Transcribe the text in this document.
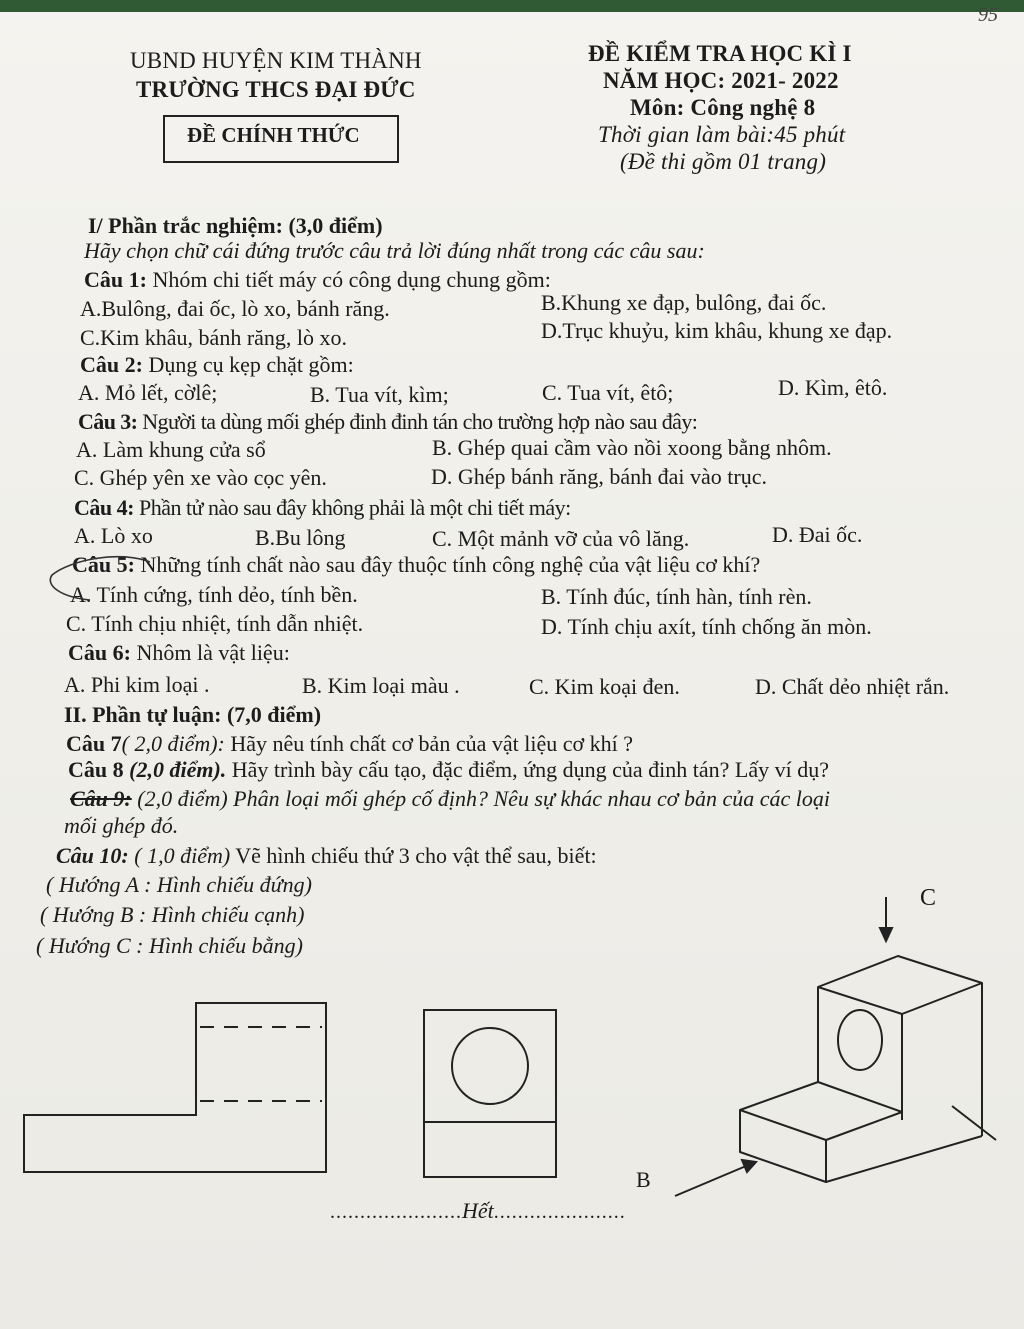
95
UBND HUYỆN KIM THÀNH
TRƯỜNG THCS ĐẠI ĐỨC
ĐỀ CHÍNH THỨC
ĐỀ KIỂM TRA HỌC KÌ I
NĂM HỌC: 2021- 2022
Môn: Công nghệ 8
Thời gian làm bài:45 phút
(Đề thi gồm 01 trang)
I/ Phần trắc nghiệm: (3,0 điểm)
Hãy chọn chữ cái đứng trước câu trả lời đúng nhất trong các câu sau:
Câu 1: Nhóm chi tiết máy có công dụng chung gồm:
A.Bulông, đai ốc, lò xo, bánh răng.	B.Khung xe đạp, bulông, đai ốc.
C.Kim khâu, bánh răng, lò xo.	D.Trục khuỷu, kim khâu, khung xe đạp.
Câu 2: Dụng cụ kẹp chặt gồm:
A. Mỏ lết, cờlê;	B. Tua vít, kìm;	C. Tua vít, êtô;	D. Kìm, êtô.
Câu 3: Người ta dùng mối ghép đinh đinh tán cho trường hợp nào sau đây:
A. Làm khung cửa sổ	B. Ghép quai cầm vào nồi xoong bằng nhôm.
C. Ghép yên xe vào cọc yên.	D. Ghép bánh răng, bánh đai vào trục.
Câu 4: Phần tử nào sau đây không phải là một chi tiết máy:
A. Lò xo	B.Bu lông	C. Một mảnh vỡ của vô lăng.	D. Đai ốc.
Câu 5: Những tính chất nào sau đây thuộc tính công nghệ của vật liệu cơ khí?
A. Tính cứng, tính dẻo, tính bền.	B. Tính đúc, tính hàn, tính rèn.
C. Tính chịu nhiệt, tính dẫn nhiệt.	D. Tính chịu axít, tính chống ăn mòn.
Câu 6: Nhôm là vật liệu:
A. Phi kim loại .	B. Kim loại màu .	C. Kim koại đen.	D. Chất dẻo nhiệt rắn.
II. Phần tự luận: (7,0 điểm)
Câu 7( 2,0 điểm): Hãy nêu tính chất cơ bản của vật liệu cơ khí ?
Câu 8 (2,0 điểm). Hãy trình bày cấu tạo, đặc điểm, ứng dụng của đinh tán? Lấy ví dụ?
Câu 9: (2,0 điểm) Phân loại mối ghép cố định? Nêu sự khác nhau cơ bản của các loại
mối ghép đó.
Câu 10: ( 1,0 điểm) Vẽ hình chiếu thứ 3 cho vật thể sau, biết:
( Hướng A : Hình chiếu đứng)
( Hướng B : Hình chiếu cạnh)
( Hướng C : Hình chiếu bằng)
C
B
......................Hết......................
